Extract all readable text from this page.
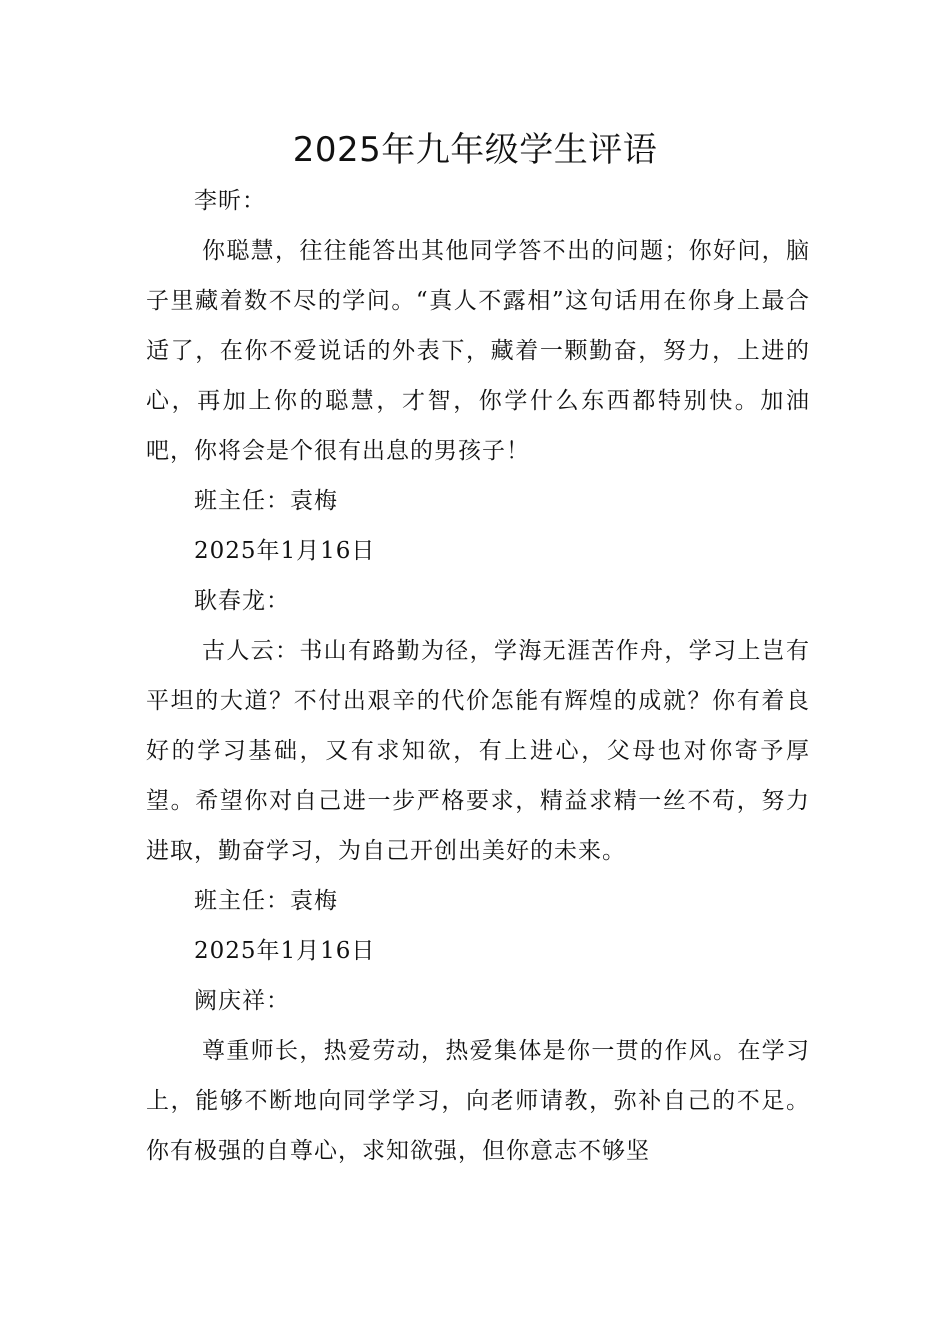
2025年九年级学生评语

李昕：

你聪慧，往往能答出其他同学答不出的问题；你好问，脑子里藏着数不尽的学问。“真人不露相”这句话用在你身上最合适了，在你不爱说话的外表下，藏着一颗勤奋，努力，上进的心，再加上你的聪慧，才智，你学什么东西都特别快。加油吧，你将会是个很有出息的男孩子！

班主任：袁梅

2025年1月16日

耿春龙：

古人云：书山有路勤为径，学海无涯苦作舟，学习上岂有平坦的大道？不付出艰辛的代价怎能有辉煌的成就？你有着良好的学习基础，又有求知欲，有上进心，父母也对你寄予厚望。希望你对自己进一步严格要求，精益求精一丝不苟，努力进取，勤奋学习，为自己开创出美好的未来。

班主任：袁梅

2025年1月16日

阙庆祥：

尊重师长，热爱劳动，热爱集体是你一贯的作风。在学习上，能够不断地向同学学习，向老师请教，弥补自己的不足。你有极强的自尊心，求知欲强，但你意志不够坚
